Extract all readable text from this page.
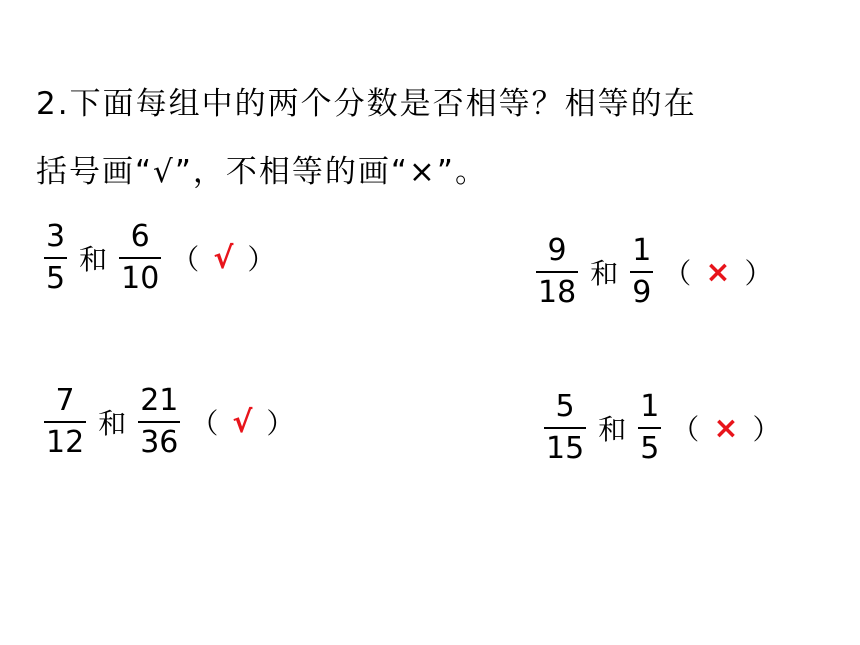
2.下面每组中的两个分数是否相等？相等的在
括号画“√”，不相等的画“×”。
$\frac{3}{5}$ 和 $\frac{6}{10}$ （ √ ）	$\frac{9}{18}$ 和 $\frac{1}{9}$ （ × ）
$\frac{7}{12}$ 和 $\frac{21}{36}$ （ √ ）	$\frac{5}{15}$ 和 $\frac{1}{5}$ （ × ）
